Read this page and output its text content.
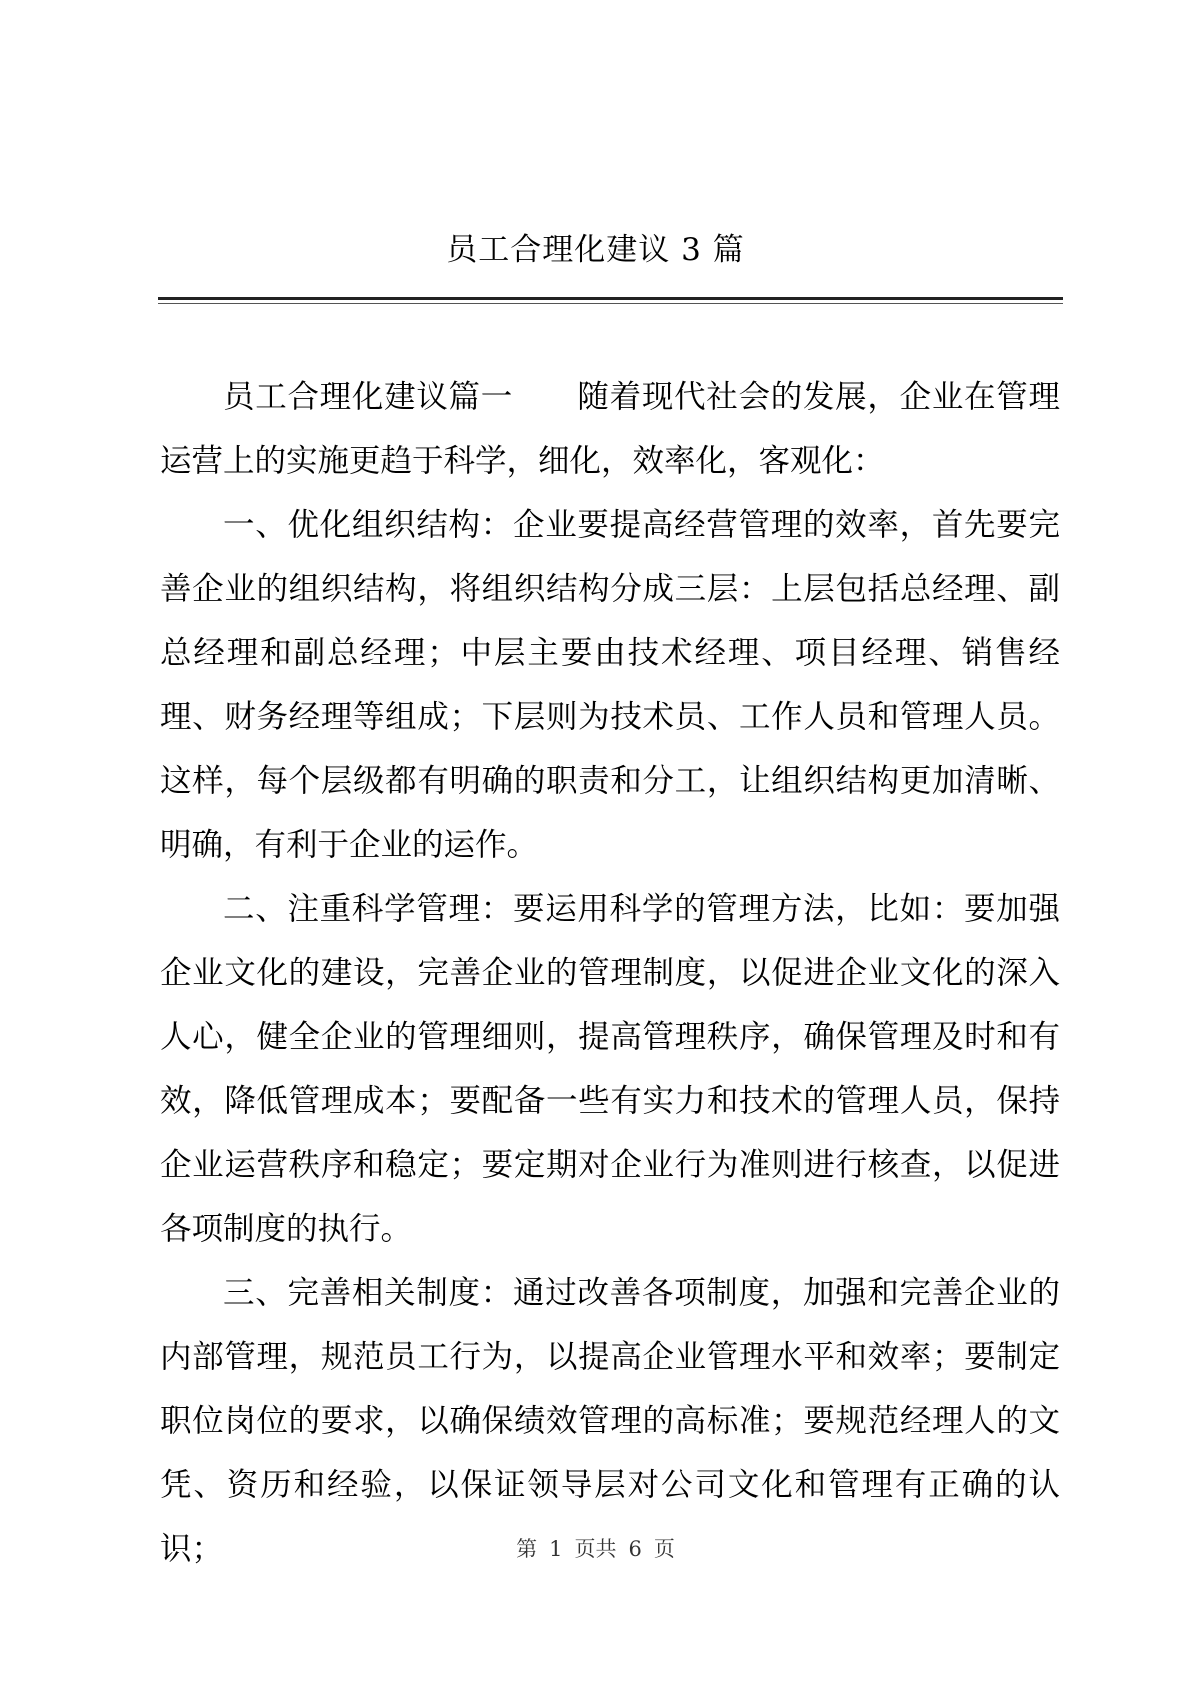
员工合理化建议 3 篇

员工合理化建议篇一　　随着现代社会的发展，企业在管理运营上的实施更趋于科学，细化，效率化，客观化：

一、优化组织结构：企业要提高经营管理的效率，首先要完善企业的组织结构，将组织结构分成三层：上层包括总经理、副总经理和副总经理；中层主要由技术经理、项目经理、销售经理、财务经理等组成；下层则为技术员、工作人员和管理人员。这样，每个层级都有明确的职责和分工，让组织结构更加清晰、明确，有利于企业的运作。

二、注重科学管理：要运用科学的管理方法，比如：要加强企业文化的建设，完善企业的管理制度，以促进企业文化的深入人心，健全企业的管理细则，提高管理秩序，确保管理及时和有效，降低管理成本；要配备一些有实力和技术的管理人员，保持企业运营秩序和稳定；要定期对企业行为准则进行核查，以促进各项制度的执行。

三、完善相关制度：通过改善各项制度，加强和完善企业的内部管理，规范员工行为，以提高企业管理水平和效率；要制定职位岗位的要求，以确保绩效管理的高标准；要规范经理人的文凭、资历和经验，以保证领导层对公司文化和管理有正确的认识；	第 1 页共 6 页
